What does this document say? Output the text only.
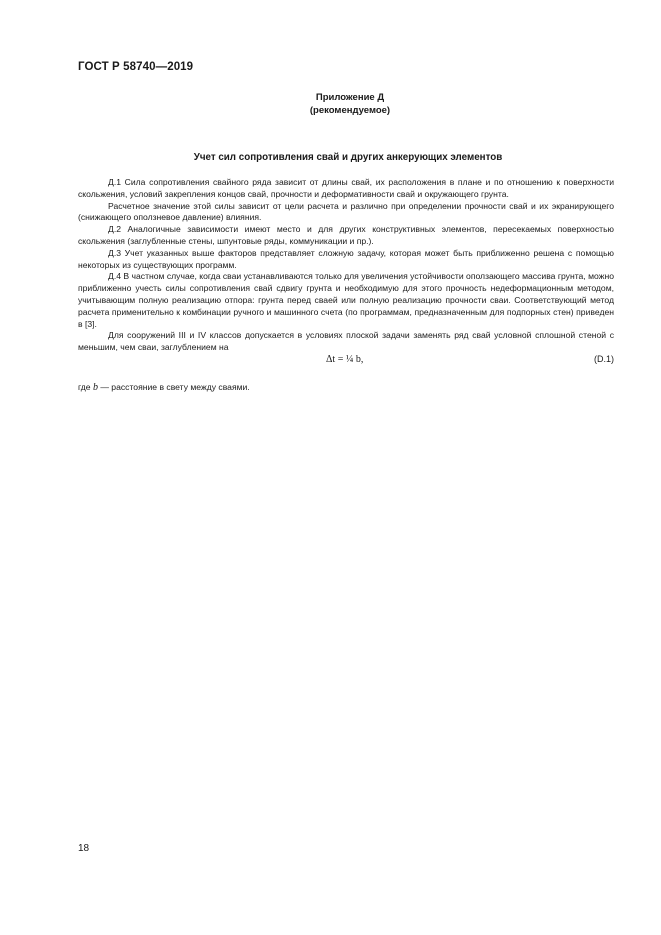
ГОСТ Р 58740—2019
Приложение Д
(рекомендуемое)
Учет сил сопротивления свай и других анкерующих элементов

Д.1 Сила сопротивления свайного ряда зависит от длины свай, их расположения в плане и по отношению к поверхности скольжения, условий закрепления концов свай, прочности и деформативности свай и окружающего грунта.

Расчетное значение этой силы зависит от цели расчета и различно при определении прочности свай и их экранирующего (снижающего оползневое давление) влияния.

Д.2 Аналогичные зависимости имеют место и для других конструктивных элементов, пересекаемых поверхностью скольжения (заглубленные стены, шпунтовые ряды, коммуникации и пр.).

Д.3 Учет указанных выше факторов представляет сложную задачу, которая может быть приближенно решена с помощью некоторых из существующих программ.

Д.4 В частном случае, когда сваи устанавливаются только для увеличения устойчивости оползающего массива грунта, можно приближенно учесть силы сопротивления свай сдвигу грунта и необходимую для этого прочность недеформационным методом, учитывающим полную реализацию отпора: грунта перед сваей или полную реализацию прочности сваи. Соответствующий метод расчета применительно к комбинации ручного и машинного счета (по программам, предназначенным для подпорных стен) приведен в [3].

Для сооружений III и IV классов допускается в условиях плоской задачи заменять ряд свай условной сплошной стеной с меньшим, чем сваи, заглублением на

Δt = ¼ b,	(D.1)
где b — расстояние в свету между сваями.
18
